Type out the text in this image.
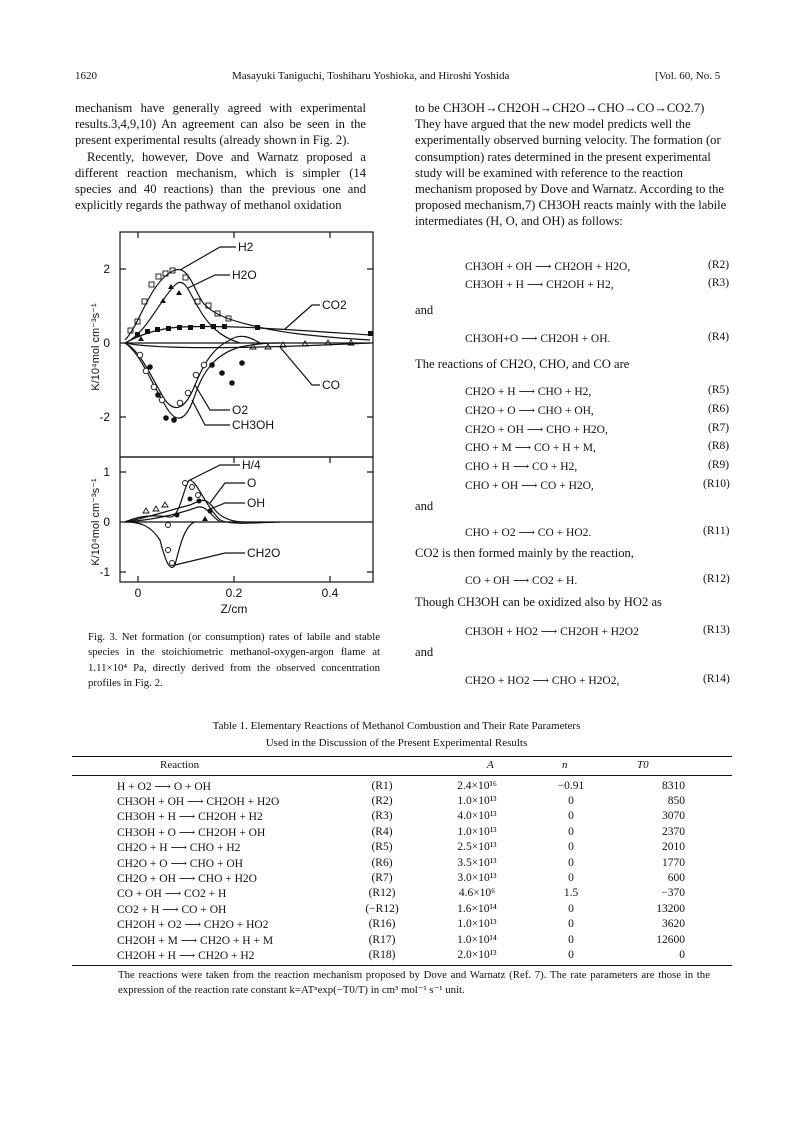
1620	Masayuki Taniguchi, Toshiharu Yoshioka, and Hiroshi Yoshida	[Vol. 60, No. 5

mechanism have generally agreed with experimental results.3,4,9,10) An agreement can also be seen in the present experimental results (already shown in Fig. 2).

Recently, however, Dove and Warnatz proposed a different reaction mechanism, which is simpler (14 species and 40 reactions) than the previous one and explicitly regards the pathway of methanol oxidation

to be CH3OH→CH2OH→CH2O→CHO→CO→CO2.7) They have argued that the new model predicts well the experimentally observed burning velocity. The formation (or consumption) rates determined in the present experimental study will be examined with reference to the reaction mechanism proposed by Dove and Warnatz. According to the proposed mechanism,7) CH3OH reacts mainly with the labile intermediates (H, O, and OH) as follows:
CH3OH + OH ⟶ CH2OH + H2O,	(R2)
CH3OH + H ⟶ CH2OH + H2,	(R3)
and
CH3OH+O ⟶ CH2OH + OH.	(R4)
The reactions of CH2O, CHO, and CO are
CH2O + H ⟶ CHO + H2,	(R5)
CH2O + O ⟶ CHO + OH,	(R6)
CH2O + OH ⟶ CHO + H2O,	(R7)
CHO + M ⟶ CO + H + M,	(R8)
CHO + H ⟶ CO + H2,	(R9)
CHO + OH ⟶ CO + H2O,	(R10)
and
CHO + O2 ⟶ CO + HO2.	(R11)
CO2 is then formed mainly by the reaction,
CO + OH ⟶ CO2 + H.	(R12)
Though CH3OH can be oxidized also by HO2 as
CH3OH + HO2 ⟶ CH2OH + H2O2	(R13)
and
CH2O + HO2 ⟶ CHO + H2O2,	(R14)
2
0
-2
1
0
-1
0	0.2	0.4
Z/cm
K/10⁴mol cm⁻³s⁻¹
K/10⁴mol cm⁻³s⁻¹
H2
H2O
CO2
CO
O2
CH3OH
H/4
O
OH
CH2O
Fig. 3. Net formation (or consumption) rates of labile and stable species in the stoichiometric methanol-oxygen-argon flame at 1.11×10⁴ Pa, directly derived from the observed concentration profiles in Fig. 2.
Table 1. Elementary Reactions of Methanol Combustion and Their Rate Parameters
Used in the Discussion of the Present Experimental Results
Reaction	A	n	T0
H + O2 ⟶ O + OH	(R1)	2.4×10¹⁶	−0.91	8310
CH3OH + OH ⟶ CH2OH + H2O	(R2)	1.0×10¹³	0	850
CH3OH + H ⟶ CH2OH + H2	(R3)	4.0×10¹³	0	3070
CH3OH + O ⟶ CH2OH + OH	(R4)	1.0×10¹³	0	2370
CH2O + H ⟶ CHO + H2	(R5)	2.5×10¹³	0	2010
CH2O + O ⟶ CHO + OH	(R6)	3.5×10¹³	0	1770
CH2O + OH ⟶ CHO + H2O	(R7)	3.0×10¹³	0	600
CO + OH ⟶ CO2 + H	(R12)	4.6×10⁶	1.5	−370
CO2 + H ⟶ CO + OH	(−R12)	1.6×10¹⁴	0	13200
CH2OH + O2 ⟶ CH2O + HO2	(R16)	1.0×10¹³	0	3620
CH2OH + M ⟶ CH2O + H + M	(R17)	1.0×10¹⁴	0	12600
CH2OH + H ⟶ CH2O + H2	(R18)	2.0×10¹³	0	0
The reactions were taken from the reaction mechanism proposed by Dove and Warnatz (Ref. 7). The rate parameters are those in the expression of the reaction rate constant k=ATⁿexp(−T0/T) in cm³ mol⁻¹ s⁻¹ unit.
